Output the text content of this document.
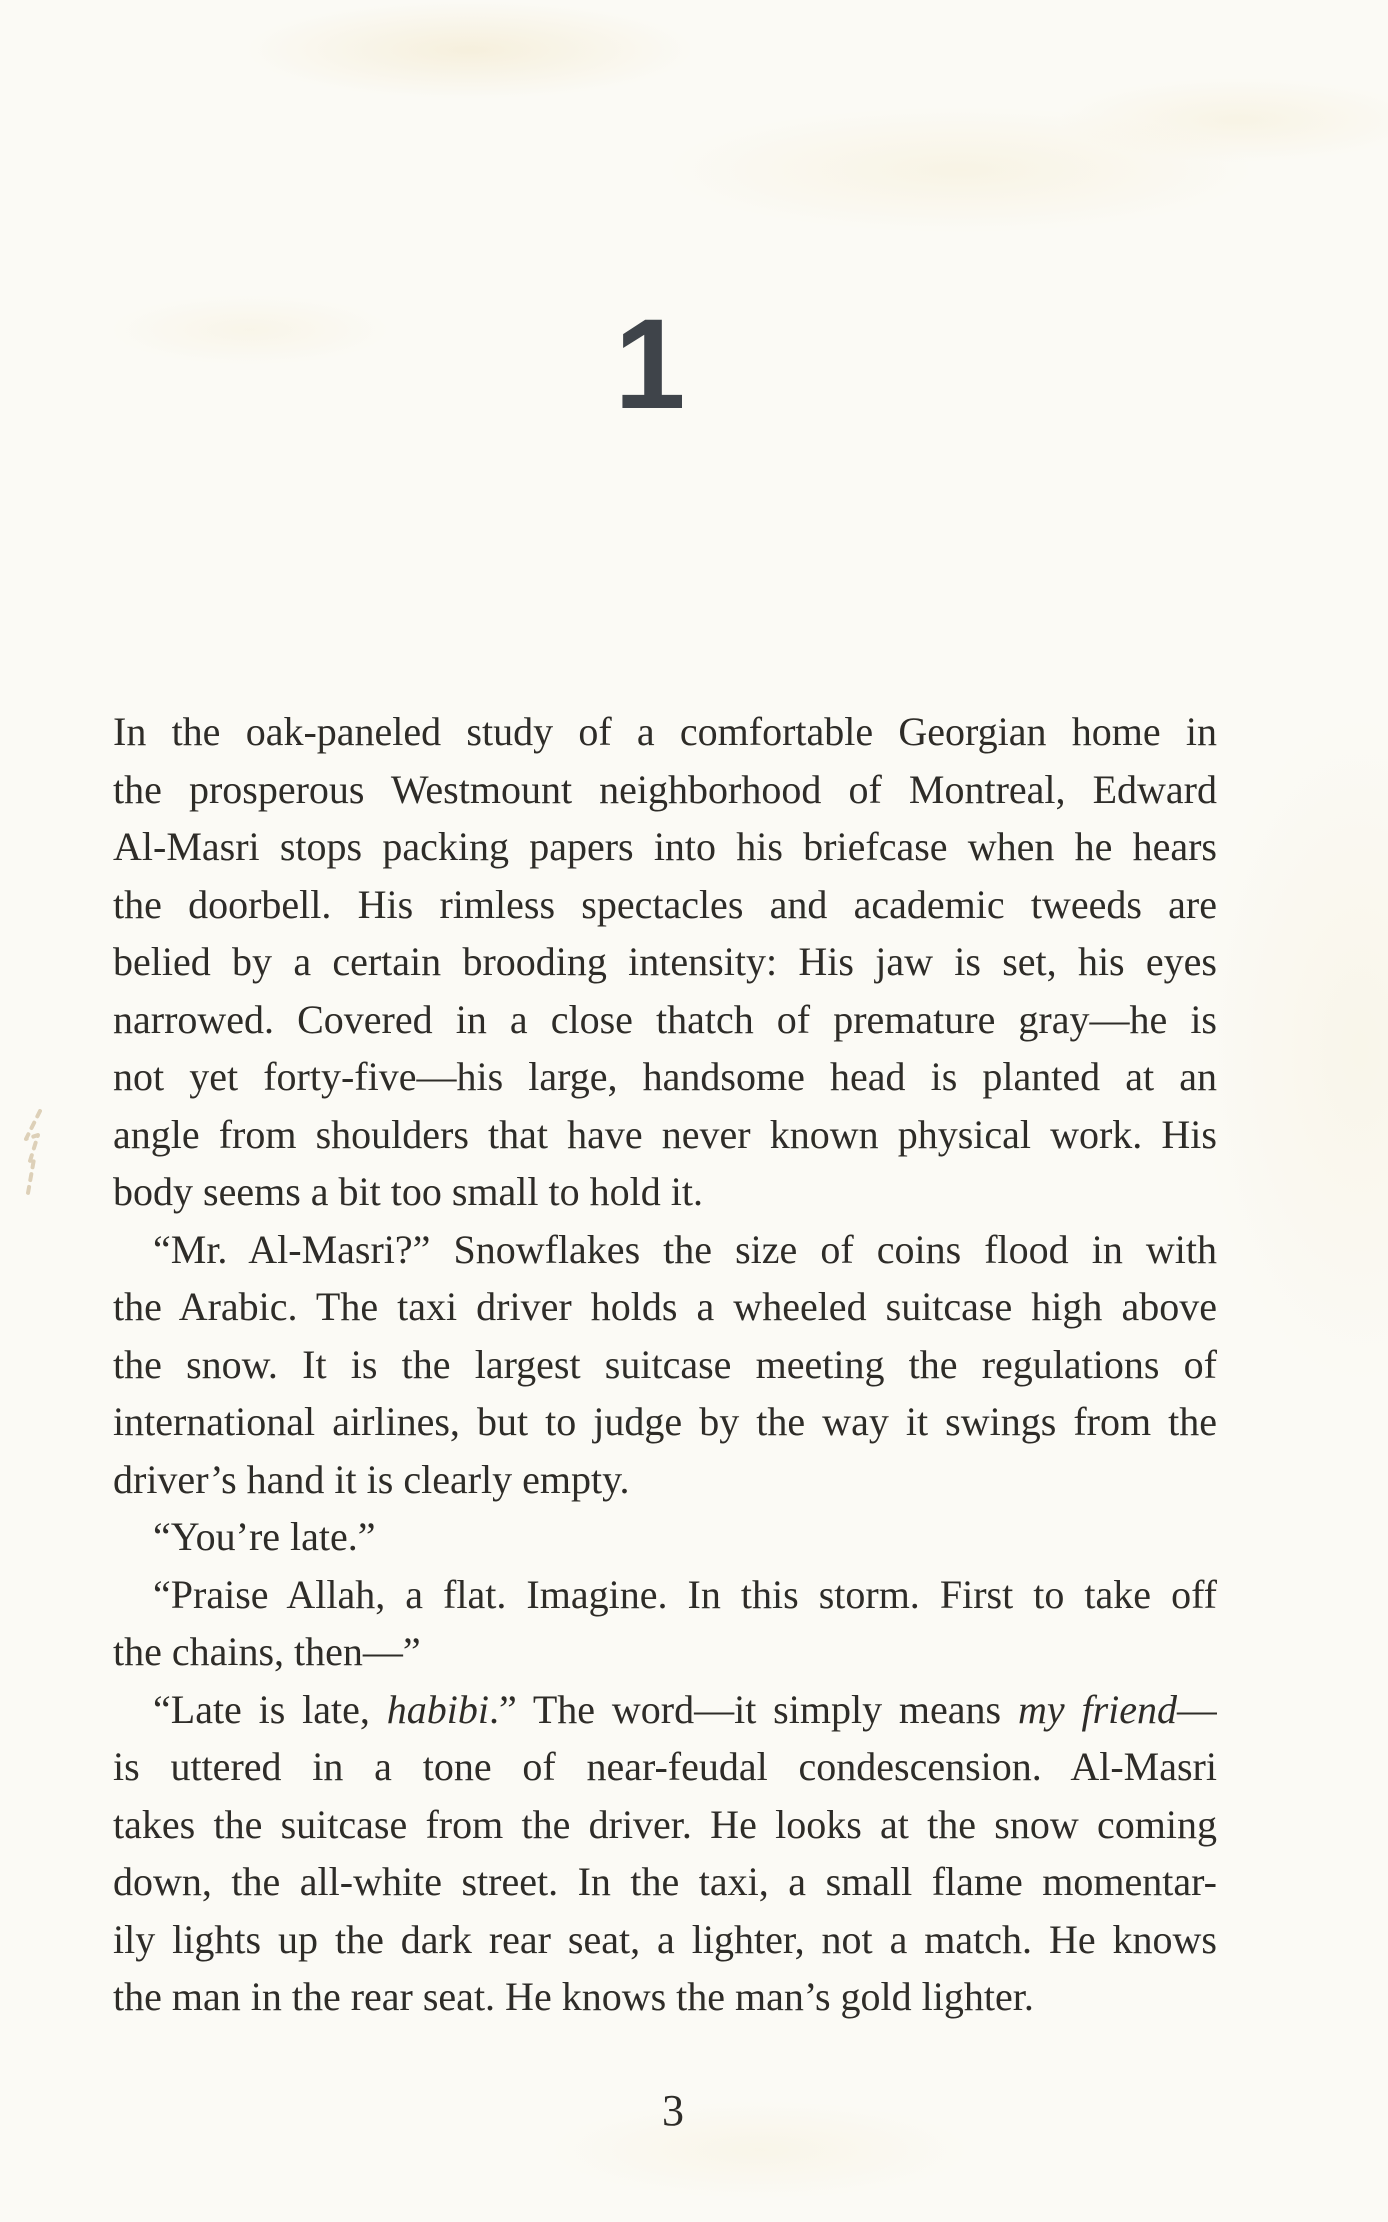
1
In the oak-paneled study of a comfortable Georgian home in
the prosperous Westmount neighborhood of Montreal, Edward
Al-Masri stops packing papers into his briefcase when he hears
the doorbell. His rimless spectacles and academic tweeds are
belied by a certain brooding intensity: His jaw is set, his eyes
narrowed. Covered in a close thatch of premature gray—he is
not yet forty-five—his large, handsome head is planted at an
angle from shoulders that have never known physical work. His
body seems a bit too small to hold it.
“Mr. Al-Masri?” Snowflakes the size of coins flood in with
the Arabic. The taxi driver holds a wheeled suitcase high above
the snow. It is the largest suitcase meeting the regulations of
international airlines, but to judge by the way it swings from the
driver’s hand it is clearly empty.
“You’re late.”
“Praise Allah, a flat. Imagine. In this storm. First to take off
the chains, then—”
“Late is late, habibi.” The word—it simply means my friend—
is uttered in a tone of near-feudal condescension. Al-Masri
takes the suitcase from the driver. He looks at the snow coming
down, the all-white street. In the taxi, a small flame momentar-
ily lights up the dark rear seat, a lighter, not a match. He knows
the man in the rear seat. He knows the man’s gold lighter.
3
